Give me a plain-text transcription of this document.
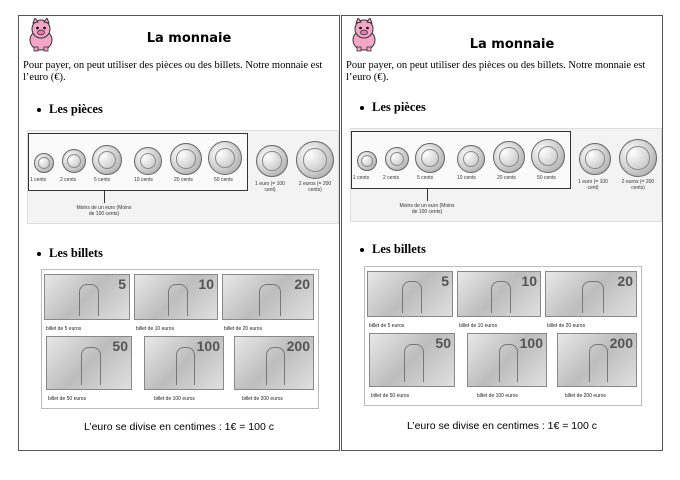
La monnaie
Pour payer, on peut utiliser des pièces ou des billets. Notre monnaie est l’euro (€).
Les pièces
1 cents	2 cents	5 cents	10 cents	20 cents	50 cents
1 euro (= 100 cent)
2 euros (= 200 cents)
Moins de un euro (Moins de 100 cents)
Les billets
5	10	20
billet de 5 euros	billet de 10 euros	billet de 20 euros
50	100	200
billet de 50 euros	billet de 100 euros	billet de 200 euros
L’euro se divise en centimes : 1€ = 100 c
La monnaie
Pour payer, on peut utiliser des pièces ou des billets. Notre monnaie est l’euro (€).
Les pièces
1 cents	2 cents	5 cents	10 cents	20 cents	50 cents
1 euro (= 100 cent)
2 euros (= 200 cents)
Moins de un euro (Moins de 100 cents)
Les billets
5	10	20
billet de 5 euros	billet de 10 euros	billet de 20 euros
50	100	200
billet de 50 euros	billet de 100 euros	billet de 200 euros
L’euro se divise en centimes : 1€ = 100 c
